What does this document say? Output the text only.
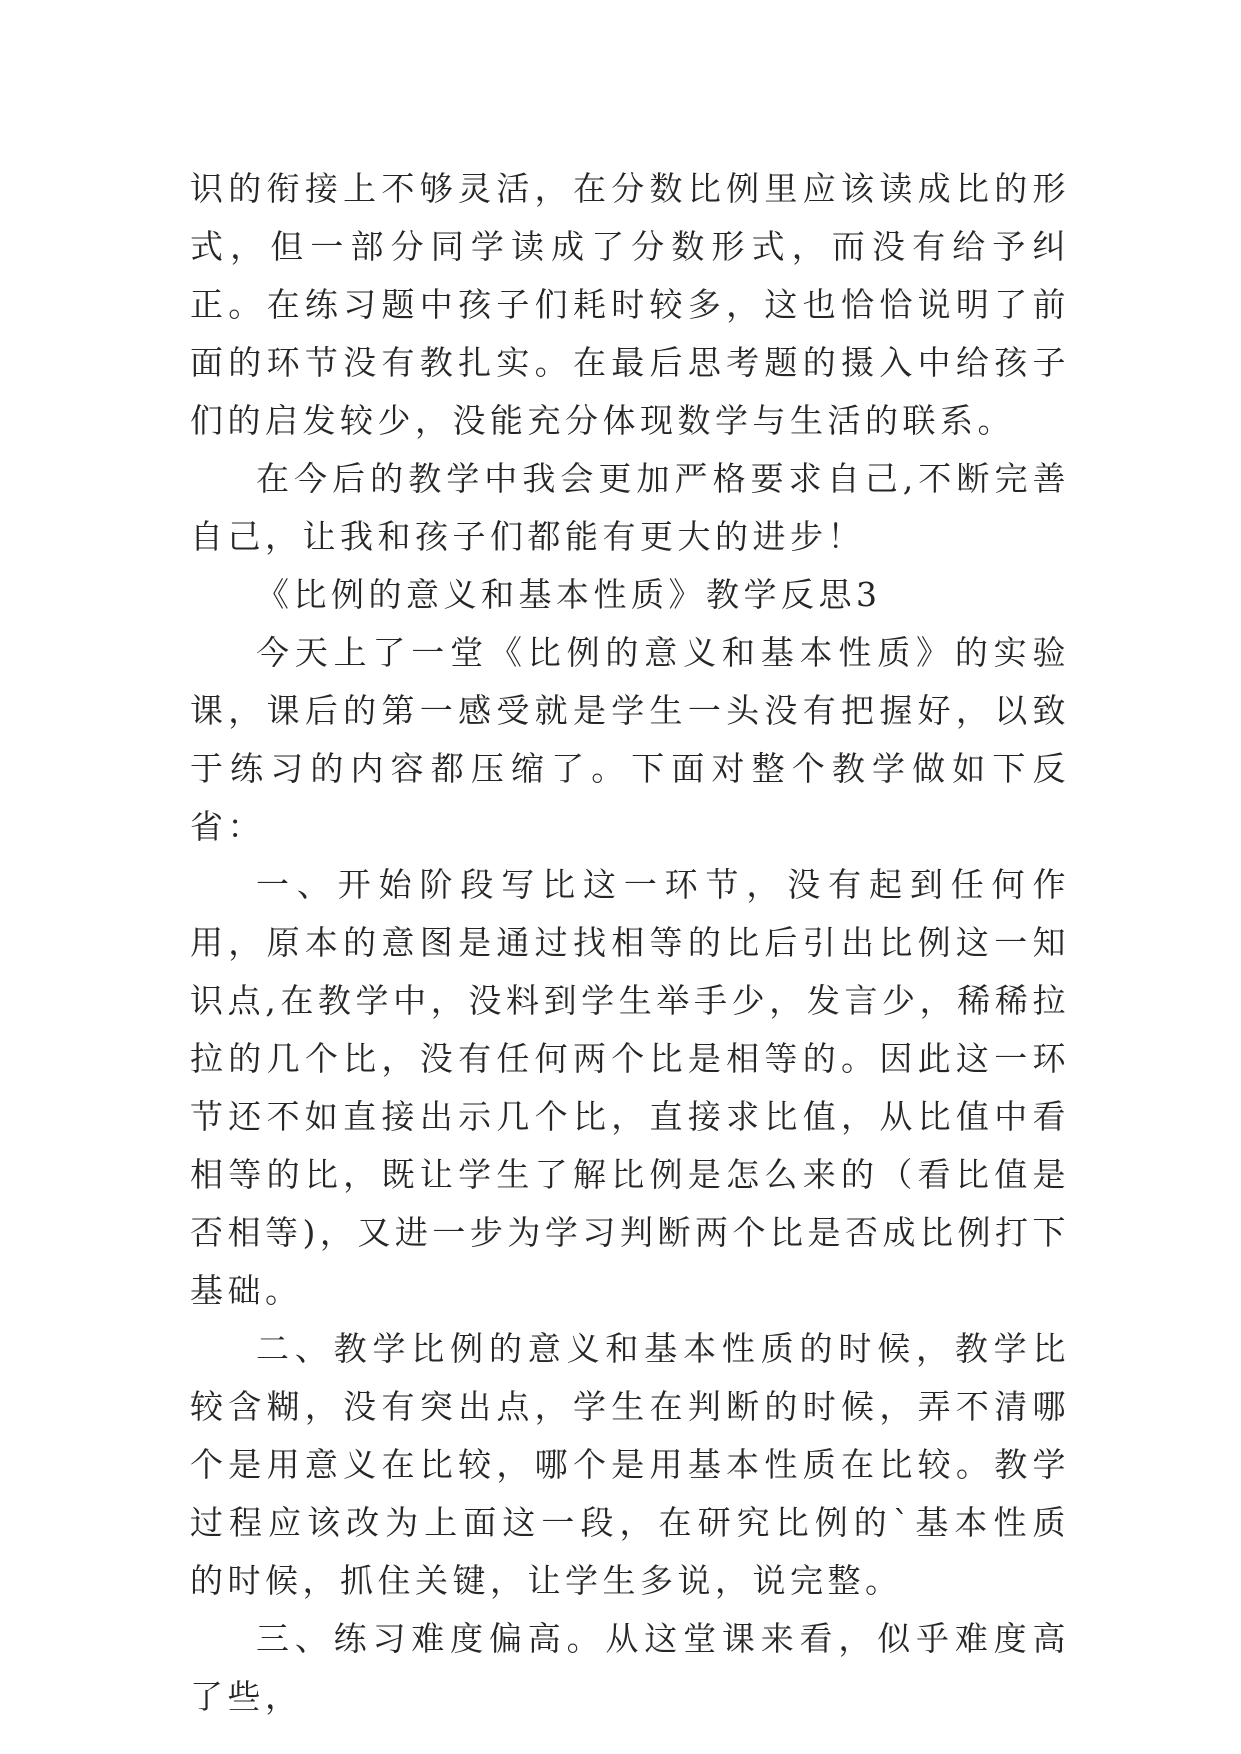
识的衔接上不够灵活，在分数比例里应该读成比的形式，但一部分同学读成了分数形式，而没有给予纠正。在练习题中孩子们耗时较多，这也恰恰说明了前面的环节没有教扎实。在最后思考题的摄入中给孩子们的启发较少，没能充分体现数学与生活的联系。

在今后的教学中我会更加严格要求自己,不断完善自己，让我和孩子们都能有更大的进步！

《比例的意义和基本性质》教学反思3

今天上了一堂《比例的意义和基本性质》的实验课，课后的第一感受就是学生一头没有把握好，以致于练习的内容都压缩了。下面对整个教学做如下反省：

一、开始阶段写比这一环节，没有起到任何作用，原本的意图是通过找相等的比后引出比例这一知识点,在教学中，没料到学生举手少，发言少，稀稀拉拉的几个比，没有任何两个比是相等的。因此这一环节还不如直接出示几个比，直接求比值，从比值中看相等的比，既让学生了解比例是怎么来的（看比值是否相等)，又进一步为学习判断两个比是否成比例打下基础。

二、教学比例的意义和基本性质的时候，教学比较含糊，没有突出点，学生在判断的时候，弄不清哪个是用意义在比较，哪个是用基本性质在比较。教学过程应该改为上面这一段，在研究比例的`基本性质的时候，抓住关键，让学生多说，说完整。

三、练习难度偏高。从这堂课来看，似乎难度高了些，
